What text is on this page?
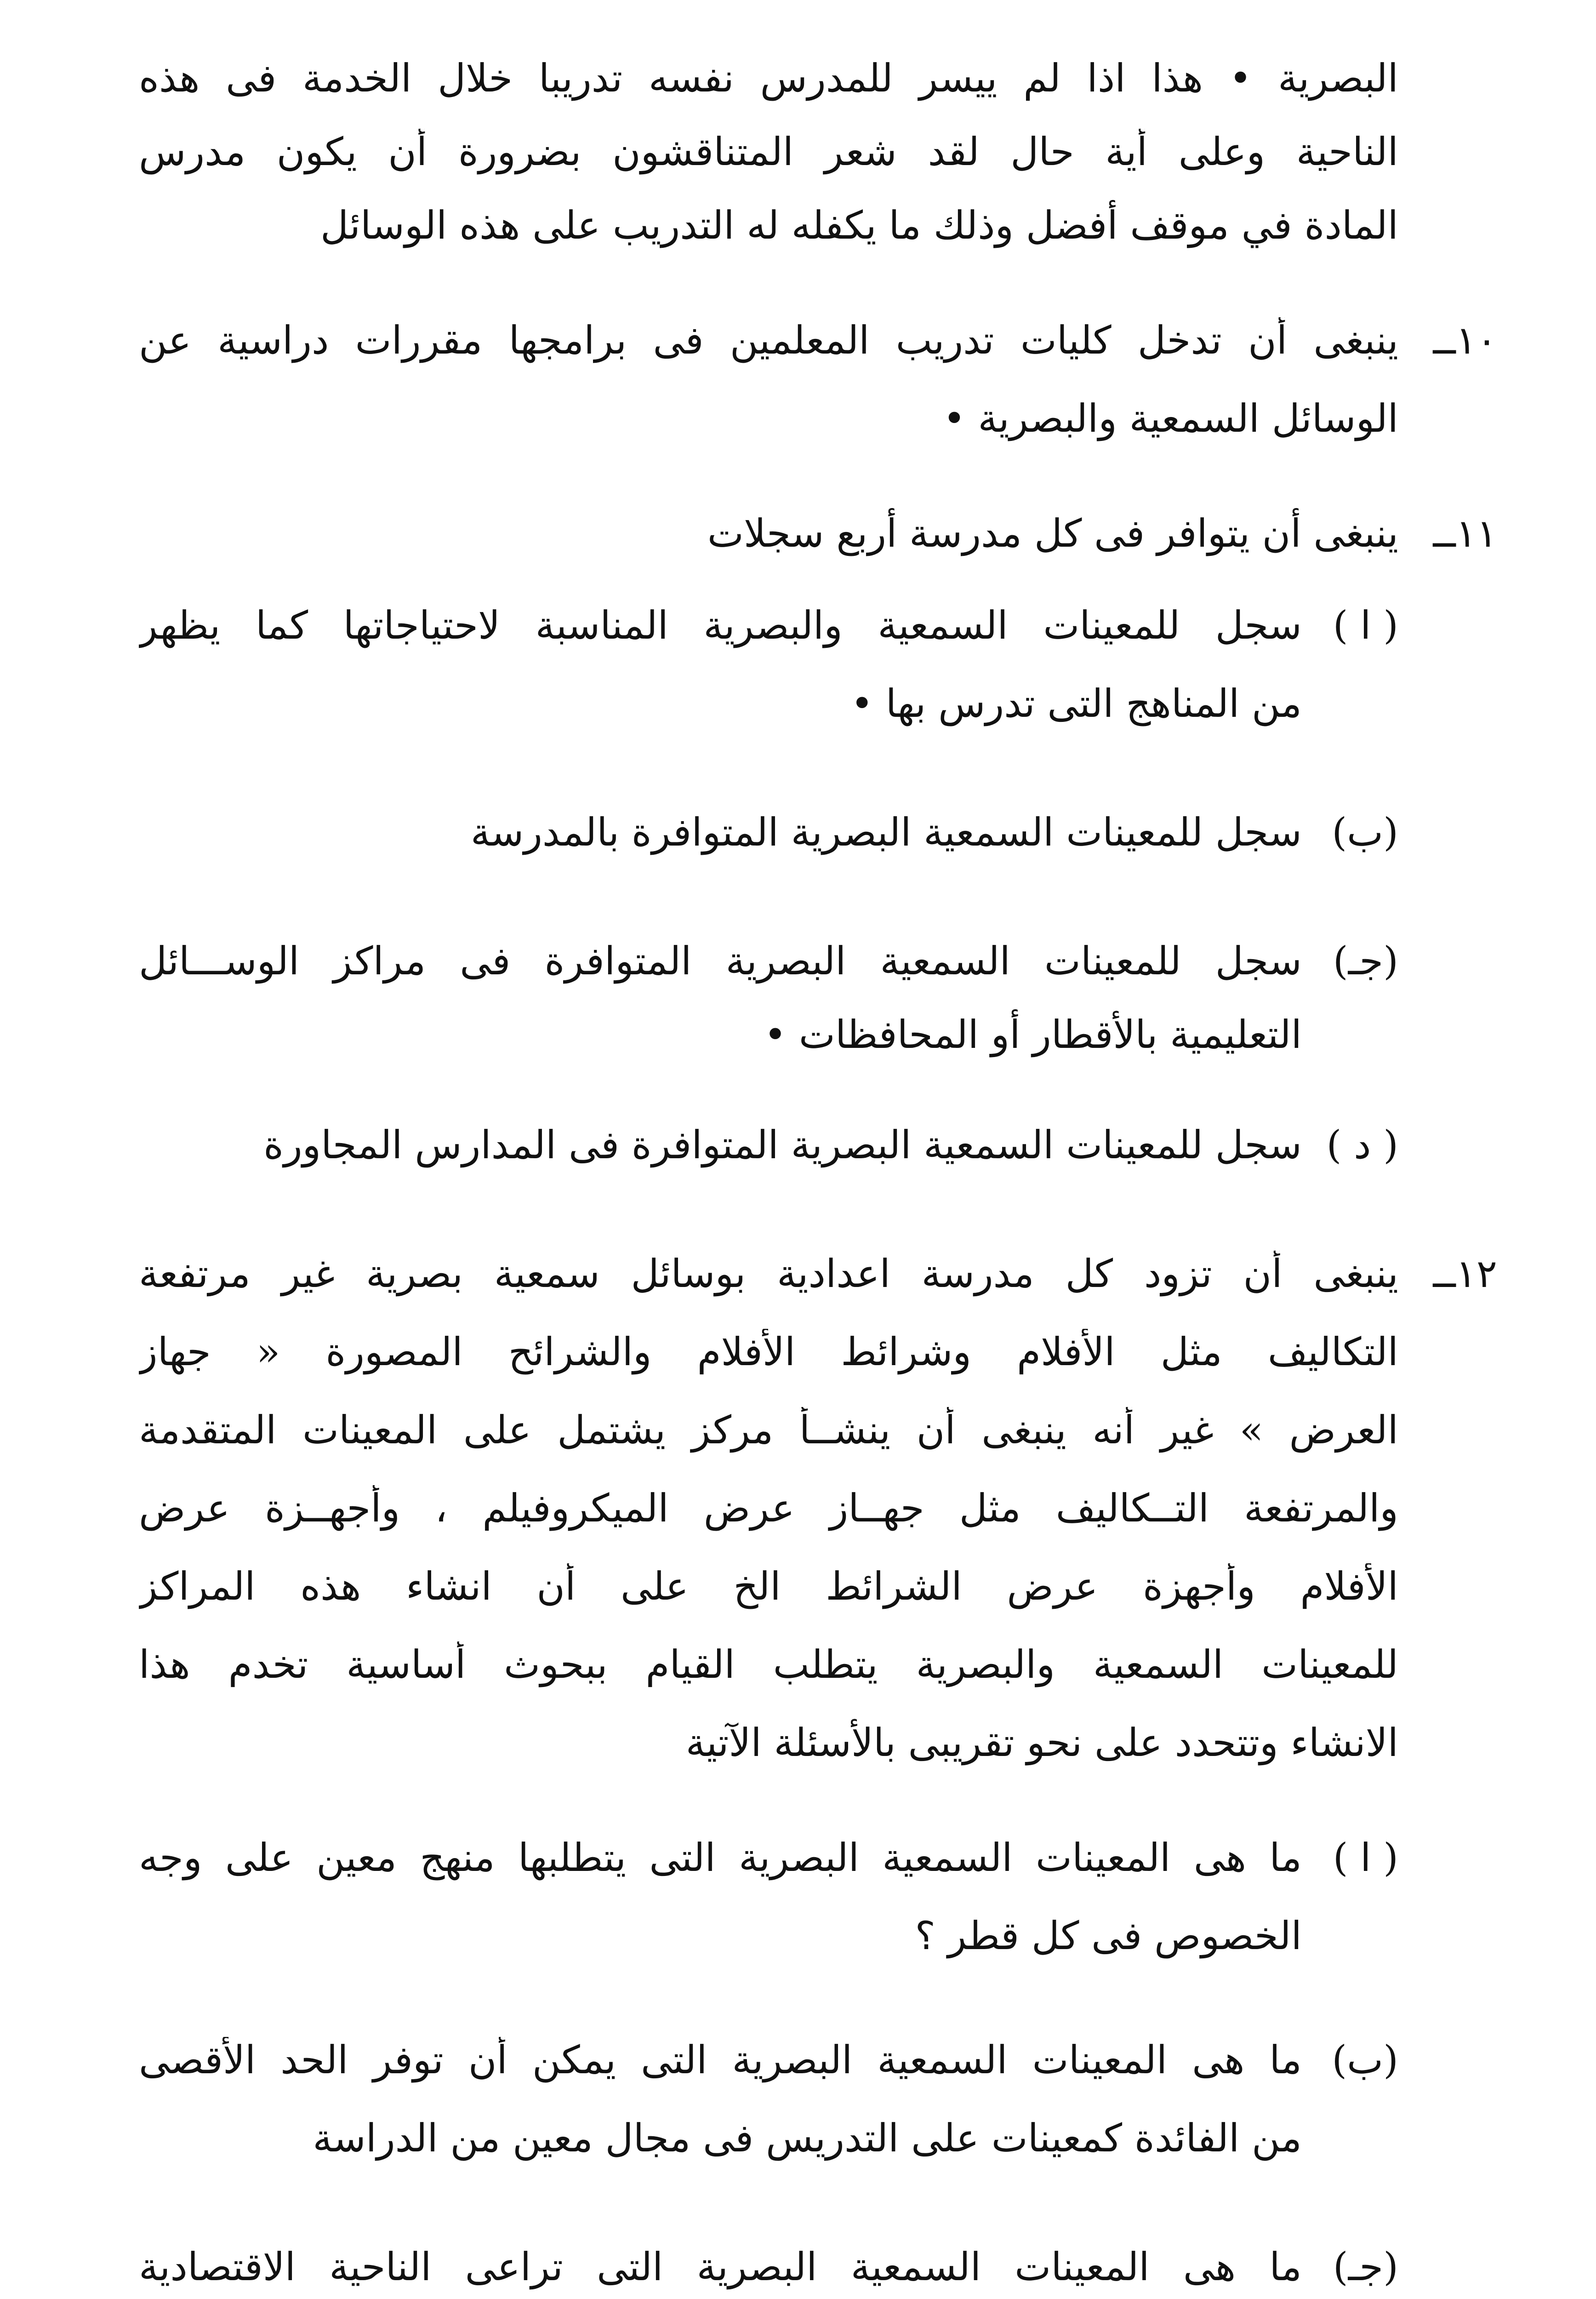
البصرية • هذا اذا لم ييسر للمدرس نفسه تدريبا خلال الخدمة فى هذه
الناحية وعلى أية حال لقد شعر المتناقشون بضرورة أن يكون مدرس
المادة في موقف أفضل وذلك ما يكفله له التدريب على هذه الوسائل
١٠ــ
ينبغى أن تدخل كليات تدريب المعلمين فى برامجها مقررات دراسية عن
الوسائل السمعية والبصرية •
١١ــ
ينبغى أن يتوافر فى كل مدرسة أربع سجلات
( ا )
سجل للمعينات السمعية والبصرية المناسبة لاحتياجاتها كما يظهر
من المناهج التى تدرس بها •
(ب)
سجل للمعينات السمعية البصرية المتوافرة بالمدرسة
(جـ)
سجل للمعينات السمعية البصرية المتوافرة فى مراكز الوســـائل
التعليمية بالأقطار أو المحافظات •
( د )
سجل للمعينات السمعية البصرية المتوافرة فى المدارس المجاورة
١٢ــ
ينبغى أن تزود كل مدرسة اعدادية بوسائل سمعية بصرية غير مرتفعة
التكاليف مثل الأفلام وشرائط الأفلام والشرائح المصورة « جهاز
العرض » غير أنه ينبغى أن ينشــأ مركز يشتمل على المعينات المتقدمة
والمرتفعة التــكاليف مثل جهــاز عرض الميكروفيلم ، وأجهــزة عرض
الأفلام وأجهزة عرض الشرائط الخ على أن انشاء هذه المراكز
للمعينات السمعية والبصرية يتطلب القيام ببحوث أساسية تخدم هذا
الانشاء وتتحدد على نحو تقريبى بالأسئلة الآتية
( ا )
ما هى المعينات السمعية البصرية التى يتطلبها منهج معين على وجه
الخصوص فى كل قطر ؟
(ب)
ما هى المعينات السمعية البصرية التى يمكن أن توفر الحد الأقصى
من الفائدة كمعينات على التدريس فى مجال معين من الدراسة
(جـ)
ما هى المعينات السمعية البصرية التى تراعى الناحية الاقتصادية
